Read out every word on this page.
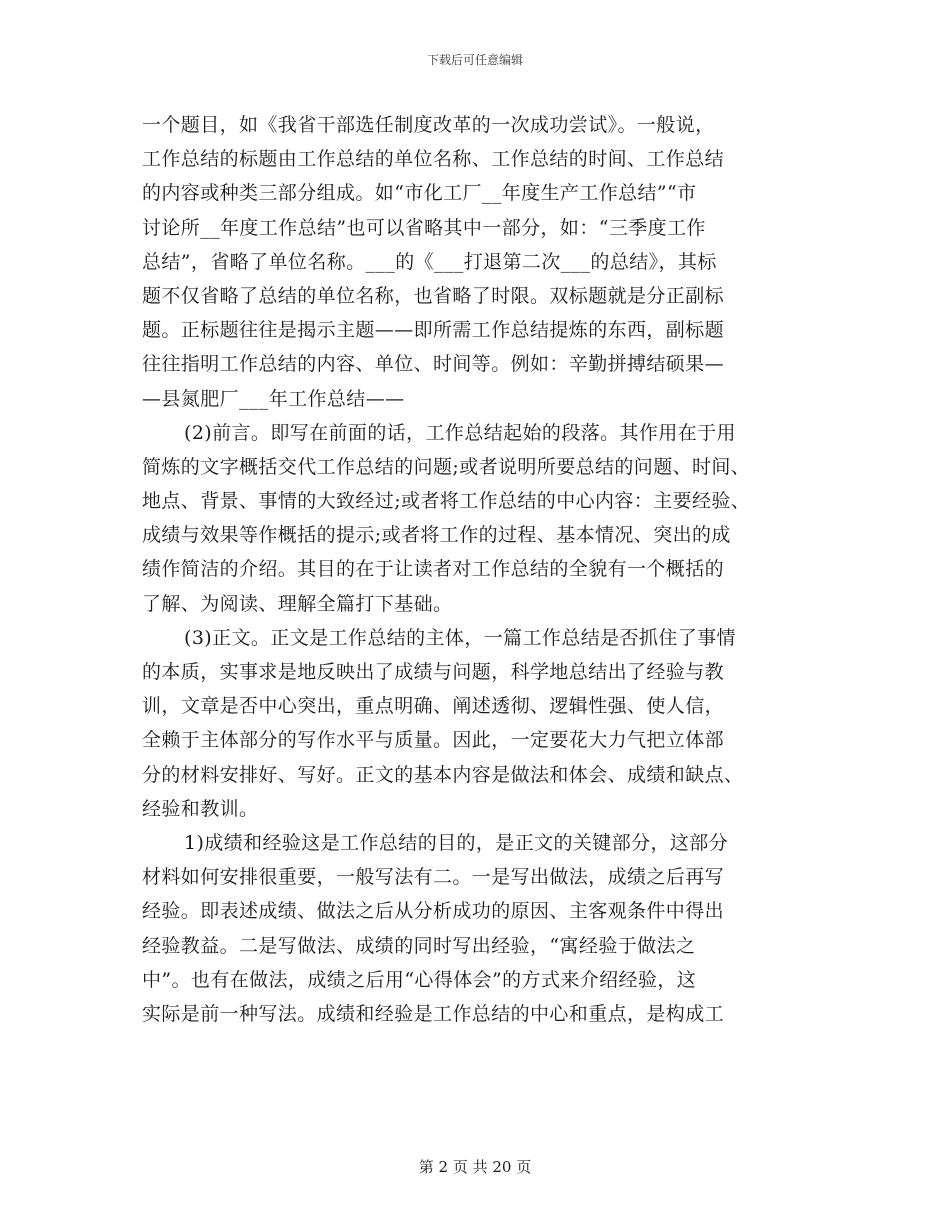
下载后可任意编辑
一个题目，如《我省干部选任制度改革的一次成功尝试》。一般说，
工作总结的标题由工作总结的单位名称、工作总结的时间、工作总结
的内容或种类三部分组成。如“市化工厂__年度生产工作总结”“市
讨论所__年度工作总结”也可以省略其中一部分，如：“三季度工作
总结”，省略了单位名称。___的《___打退第二次___的总结》，其标
题不仅省略了总结的单位名称，也省略了时限。双标题就是分正副标
题。正标题往往是揭示主题——即所需工作总结提炼的东西，副标题
往往指明工作总结的内容、单位、时间等。例如：辛勤拼搏结硕果—
—县氮肥厂___年工作总结——
(2)前言。即写在前面的话，工作总结起始的段落。其作用在于用
简炼的文字概括交代工作总结的问题;或者说明所要总结的问题、时间、
地点、背景、事情的大致经过;或者将工作总结的中心内容：主要经验、
成绩与效果等作概括的提示;或者将工作的过程、基本情况、突出的成
绩作简洁的介绍。其目的在于让读者对工作总结的全貌有一个概括的
了解、为阅读、理解全篇打下基础。
(3)正文。正文是工作总结的主体，一篇工作总结是否抓住了事情
的本质，实事求是地反映出了成绩与问题，科学地总结出了经验与教
训，文章是否中心突出，重点明确、阐述透彻、逻辑性强、使人信，
全赖于主体部分的写作水平与质量。因此，一定要花大力气把立体部
分的材料安排好、写好。正文的基本内容是做法和体会、成绩和缺点、
经验和教训。
1)成绩和经验这是工作总结的目的，是正文的关键部分，这部分
材料如何安排很重要，一般写法有二。一是写出做法，成绩之后再写
经验。即表述成绩、做法之后从分析成功的原因、主客观条件中得出
经验教益。二是写做法、成绩的同时写出经验，“寓经验于做法之
中”。也有在做法，成绩之后用“心得体会”的方式来介绍经验，这
实际是前一种写法。成绩和经验是工作总结的中心和重点，是构成工
第 2 页 共 20 页
